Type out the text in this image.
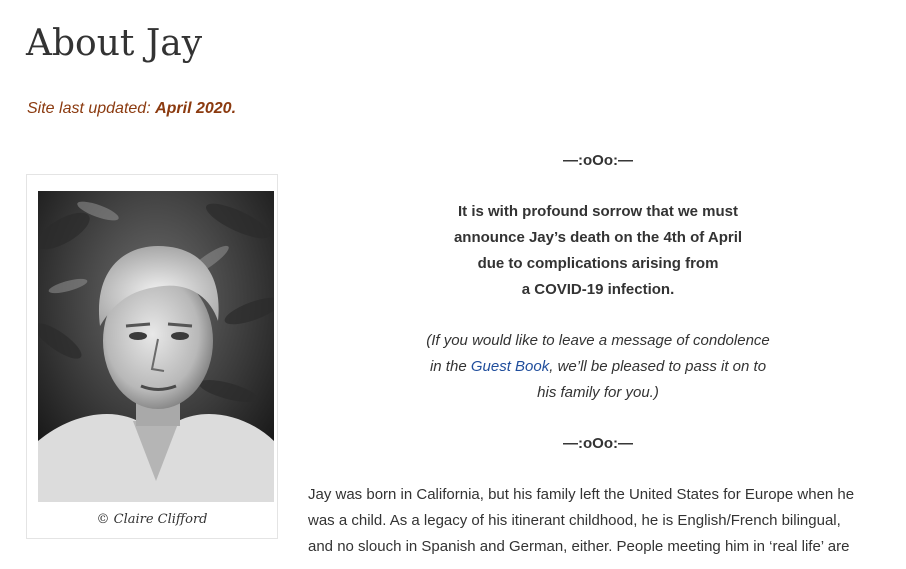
About Jay
Site last updated: April 2020.
© Claire Clifford
—:oOo:—
It is with profound sorrow that we must
announce Jay’s death on the 4th of April
due to complications arising from
a COVID-19 infection.
(If you would like to leave a message of condolence
in the Guest Book, we’ll be pleased to pass it on to
his family for you.)
—:oOo:—
Jay was born in California, but his family left the United States for Europe when he
was a child. As a legacy of his itinerant childhood, he is English/French bilingual,
and no slouch in Spanish and German, either. People meeting him in ‘real life’ are
